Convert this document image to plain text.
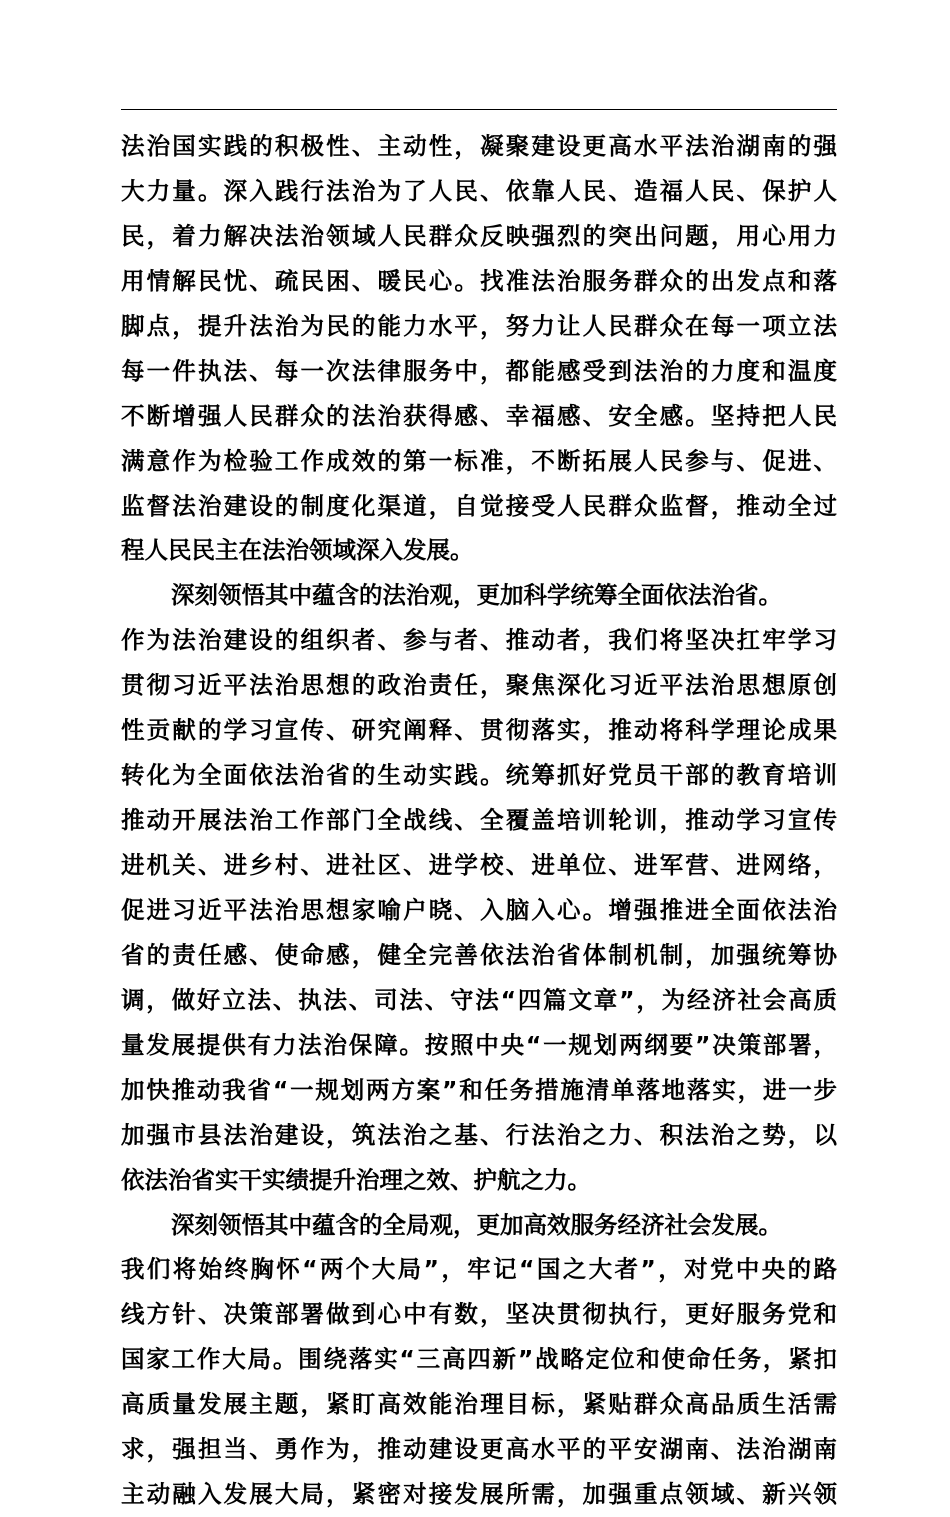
法治国实践的积极性、主动性，凝聚建设更高水平法治湖南的强
大力量。深入践行法治为了人民、依靠人民、造福人民、保护人
民，着力解决法治领域人民群众反映强烈的突出问题，用心用力
用情解民忧、疏民困、暖民心。找准法治服务群众的出发点和落
脚点，提升法治为民的能力水平，努力让人民群众在每一项立法
每一件执法、每一次法律服务中，都能感受到法治的力度和温度
不断增强人民群众的法治获得感、幸福感、安全感。坚持把人民
满意作为检验工作成效的第一标准，不断拓展人民参与、促进、
监督法治建设的制度化渠道，自觉接受人民群众监督，推动全过
程人民民主在法治领域深入发展。
深刻领悟其中蕴含的法治观，更加科学统筹全面依法治省。
作为法治建设的组织者、参与者、推动者，我们将坚决扛牢学习
贯彻习近平法治思想的政治责任，聚焦深化习近平法治思想原创
性贡献的学习宣传、研究阐释、贯彻落实，推动将科学理论成果
转化为全面依法治省的生动实践。统筹抓好党员干部的教育培训
推动开展法治工作部门全战线、全覆盖培训轮训，推动学习宣传
进机关、进乡村、进社区、进学校、进单位、进军营、进网络，
促进习近平法治思想家喻户晓、入脑入心。增强推进全面依法治
省的责任感、使命感，健全完善依法治省体制机制，加强统筹协
调，做好立法、执法、司法、守法“四篇文章”，为经济社会高质
量发展提供有力法治保障。按照中央“一规划两纲要”决策部署，
加快推动我省“一规划两方案”和任务措施清单落地落实，进一步
加强市县法治建设，筑法治之基、行法治之力、积法治之势，以
依法治省实干实绩提升治理之效、护航之力。
深刻领悟其中蕴含的全局观，更加高效服务经济社会发展。
我们将始终胸怀“两个大局”，牢记“国之大者”，对党中央的路
线方针、决策部署做到心中有数，坚决贯彻执行，更好服务党和
国家工作大局。围绕落实“三高四新”战略定位和使命任务，紧扣
高质量发展主题，紧盯高效能治理目标，紧贴群众高品质生活需
求，强担当、勇作为，推动建设更高水平的平安湖南、法治湖南
主动融入发展大局，紧密对接发展所需，加强重点领域、新兴领
